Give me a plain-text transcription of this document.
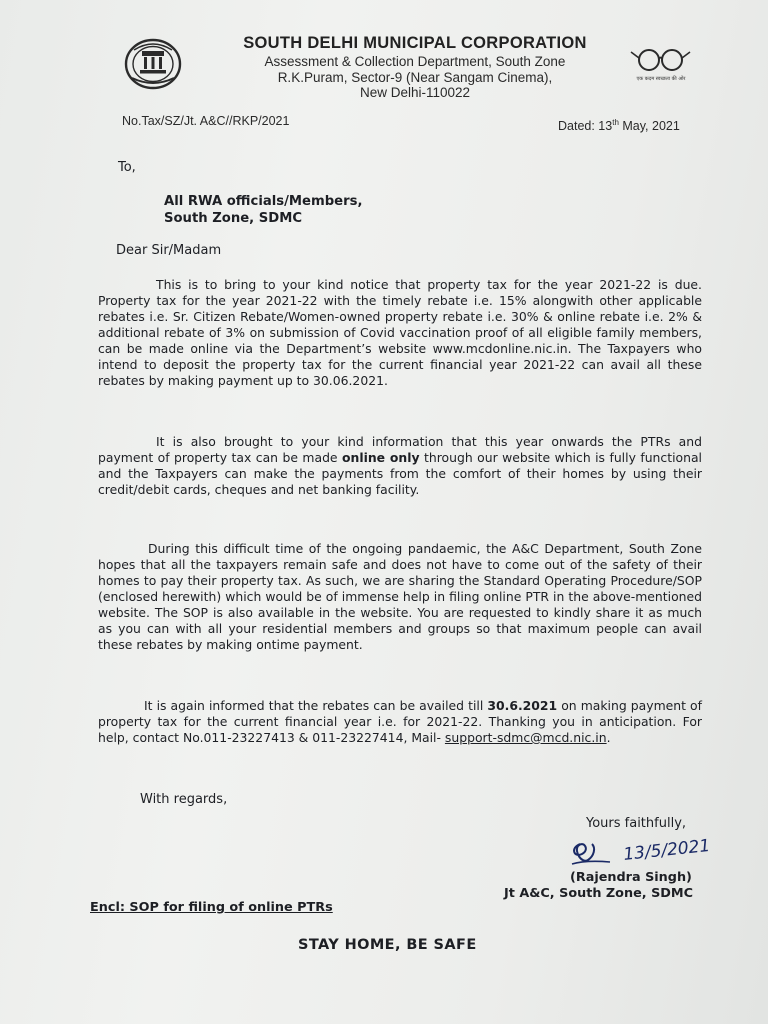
SOUTH DELHI MUNICIPAL CORPORATION
Assessment & Collection Department, South Zone
R.K.Puram, Sector-9 (Near Sangam Cinema),
New Delhi-110022
एक कदम स्वच्छता की ओर
No.Tax/SZ/Jt. A&C//RKP/2021	Dated: 13th May, 2021
To,
All RWA officials/Members,
South Zone, SDMC
Dear Sir/Madam

This is to bring to your kind notice that property tax for the year 2021-22 is due. Property tax for the year 2021-22 with the timely rebate i.e. 15% alongwith other applicable rebates i.e. Sr. Citizen Rebate/Women-owned property rebate i.e. 30% & online rebate i.e. 2% & additional rebate of 3% on submission of Covid vaccination proof of all eligible family members, can be made online via the Department’s website www.mcdonline.nic.in. The Taxpayers who intend to deposit the property tax for the current financial year 2021-22 can avail all these rebates by making payment up to 30.06.2021.

It is also brought to your kind information that this year onwards the PTRs and payment of property tax can be made online only through our website which is fully functional and the Taxpayers can make the payments from the comfort of their homes by using their credit/debit cards, cheques and net banking facility.

During this difficult time of the ongoing pandaemic, the A&C Department, South Zone hopes that all the taxpayers remain safe and does not have to come out of the safety of their homes to pay their property tax. As such, we are sharing the Standard Operating Procedure/SOP (enclosed herewith) which would be of immense help in filing online PTR in the above-mentioned website. The SOP is also available in the website. You are requested to kindly share it as much as you can with all your residential members and groups so that maximum people can avail these rebates by making ontime payment.

It is again informed that the rebates can be availed till 30.6.2021 on making payment of property tax for the current financial year i.e. for 2021-22. Thanking you in anticipation. For help, contact No.011-23227413 & 011-23227414, Mail- support-sdmc@mcd.nic.in.

With regards,
Yours faithfully,
13/5/2021
(Rajendra Singh)
Jt A&C, South Zone, SDMC
Encl: SOP for filing of online PTRs
STAY HOME, BE SAFE
